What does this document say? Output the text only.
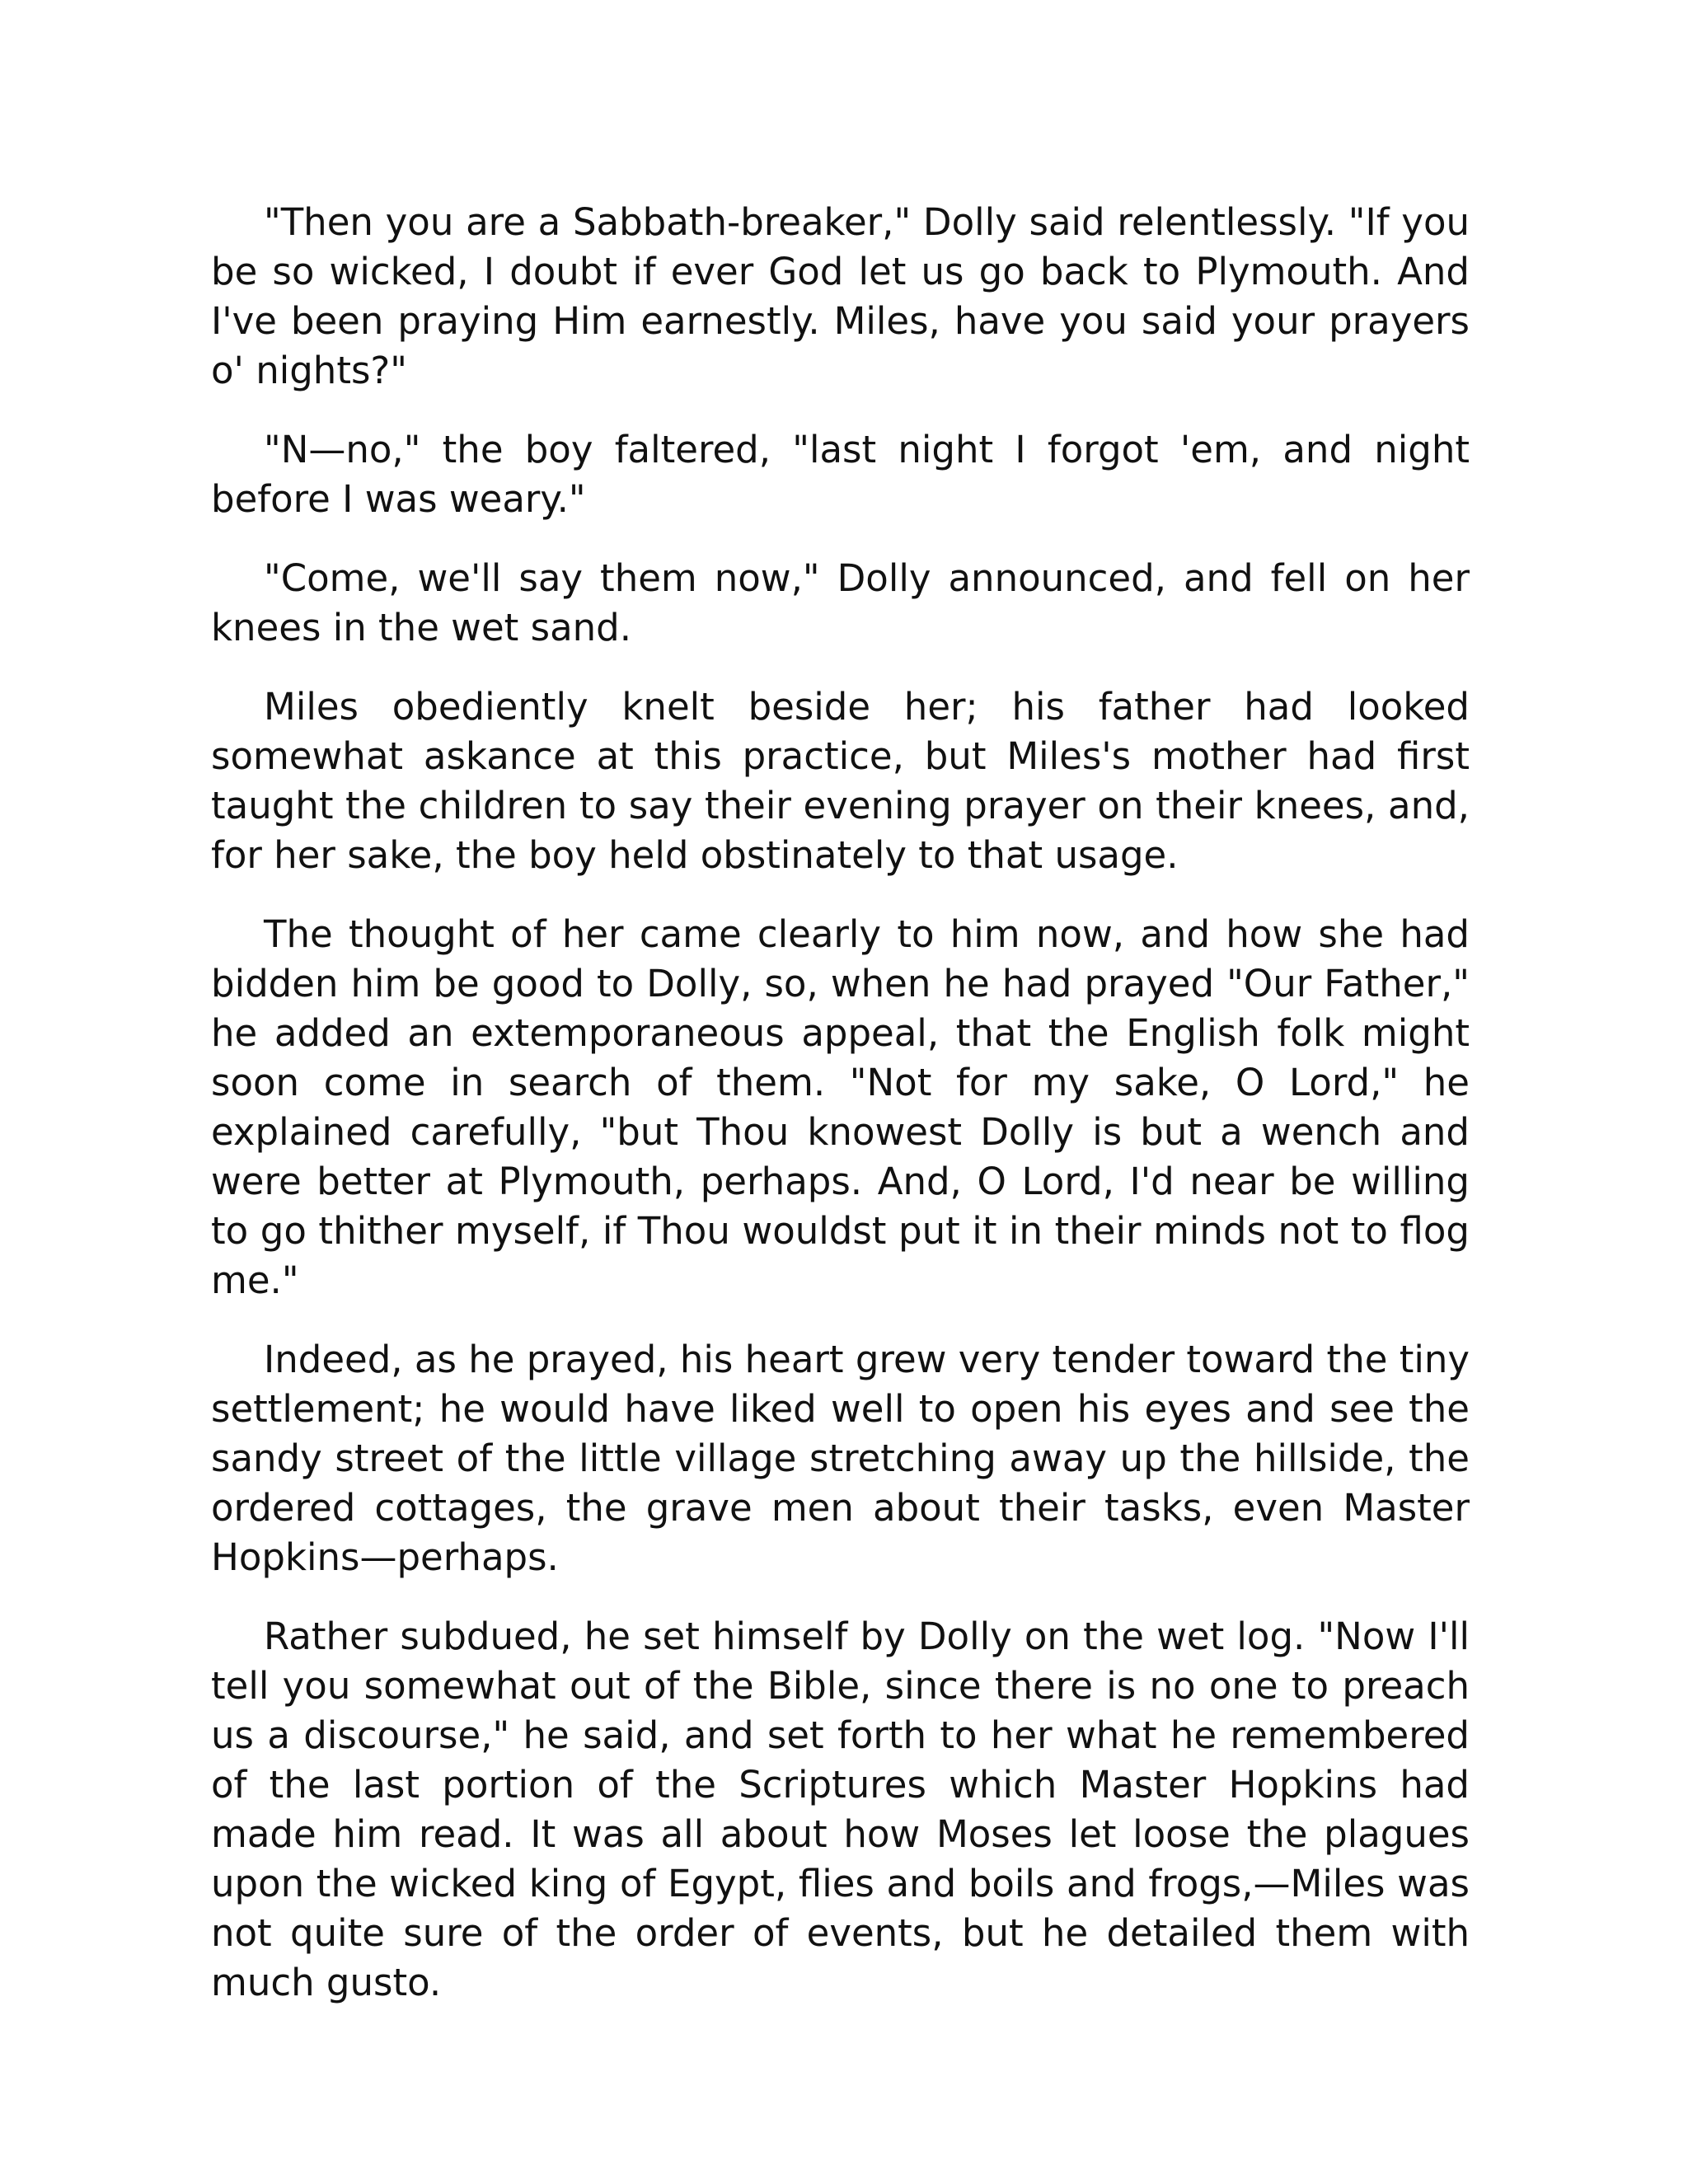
"Then you are a Sabbath-breaker," Dolly said relentlessly. "If you be so wicked, I doubt if ever God let us go back to Plymouth. And I've been praying Him earnestly. Miles, have you said your prayers o' nights?"

"N—no," the boy faltered, "last night I forgot 'em, and night before I was weary."

"Come, we'll say them now," Dolly announced, and fell on her knees in the wet sand.

Miles obediently knelt beside her; his father had looked somewhat askance at this practice, but Miles's mother had first taught the children to say their evening prayer on their knees, and, for her sake, the boy held obstinately to that usage.

The thought of her came clearly to him now, and how she had bidden him be good to Dolly, so, when he had prayed "Our Father," he added an extemporaneous appeal, that the English folk might soon come in search of them. "Not for my sake, O Lord," he explained carefully, "but Thou knowest Dolly is but a wench and were better at Plymouth, perhaps. And, O Lord, I'd near be willing to go thither myself, if Thou wouldst put it in their minds not to flog me."

Indeed, as he prayed, his heart grew very tender toward the tiny settlement; he would have liked well to open his eyes and see the sandy street of the little village stretching away up the hillside, the ordered cottages, the grave men about their tasks, even Master Hopkins—perhaps.

Rather subdued, he set himself by Dolly on the wet log. "Now I'll tell you somewhat out of the Bible, since there is no one to preach us a discourse," he said, and set forth to her what he remembered of the last portion of the Scriptures which Master Hopkins had made him read. It was all about how Moses let loose the plagues upon the wicked king of Egypt, flies and boils and frogs,—Miles was not quite sure of the order of events, but he detailed them with much gusto.
